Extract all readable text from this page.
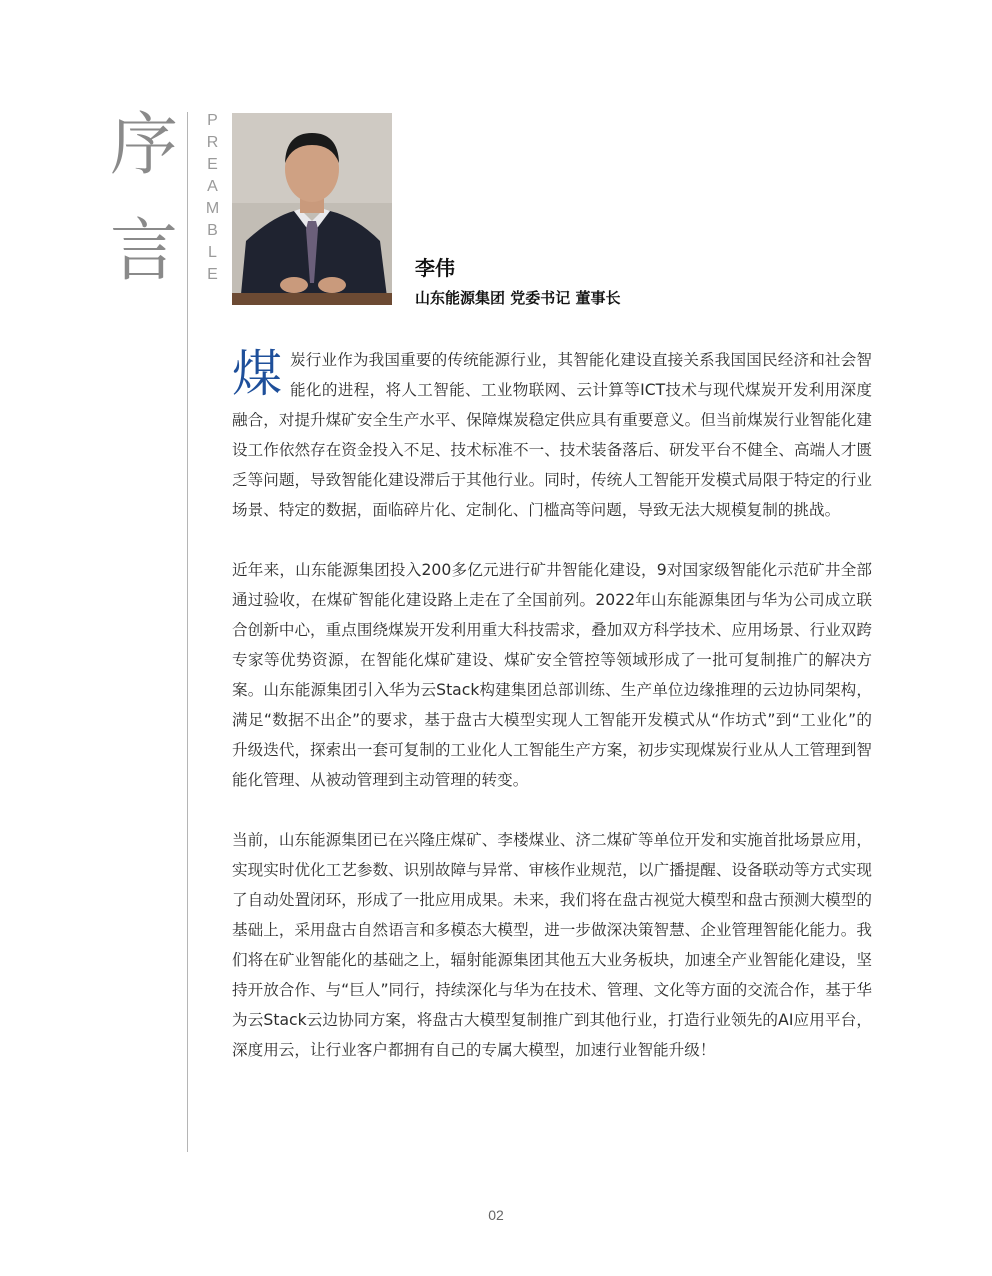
序
言 PREAMBLE	李伟
山东能源集团 党委书记 董事长

煤炭行业作为我国重要的传统能源行业，其智能化建设直接关系我国国民经济和社会智能化的进程，将人工智能、工业物联网、云计算等ICT技术与现代煤炭开发利用深度融合，对提升煤矿安全生产水平、保障煤炭稳定供应具有重要意义。但当前煤炭行业智能化建设工作依然存在资金投入不足、技术标准不一、技术装备落后、研发平台不健全、高端人才匮乏等问题，导致智能化建设滞后于其他行业。同时，传统人工智能开发模式局限于特定的行业场景、特定的数据，面临碎片化、定制化、门槛高等问题，导致无法大规模复制的挑战。

近年来，山东能源集团投入200多亿元进行矿井智能化建设，9对国家级智能化示范矿井全部通过验收，在煤矿智能化建设路上走在了全国前列。2022年山东能源集团与华为公司成立联合创新中心，重点围绕煤炭开发利用重大科技需求，叠加双方科学技术、应用场景、行业双跨专家等优势资源，在智能化煤矿建设、煤矿安全管控等领域形成了一批可复制推广的解决方案。山东能源集团引入华为云Stack构建集团总部训练、生产单位边缘推理的云边协同架构，满足“数据不出企”的要求，基于盘古大模型实现人工智能开发模式从“作坊式”到“工业化”的升级迭代，探索出一套可复制的工业化人工智能生产方案，初步实现煤炭行业从人工管理到智能化管理、从被动管理到主动管理的转变。

当前，山东能源集团已在兴隆庄煤矿、李楼煤业、济二煤矿等单位开发和实施首批场景应用，实现实时优化工艺参数、识别故障与异常、审核作业规范，以广播提醒、设备联动等方式实现了自动处置闭环，形成了一批应用成果。未来，我们将在盘古视觉大模型和盘古预测大模型的基础上，采用盘古自然语言和多模态大模型，进一步做深决策智慧、企业管理智能化能力。我们将在矿业智能化的基础之上，辐射能源集团其他五大业务板块，加速全产业智能化建设，坚持开放合作、与“巨人”同行，持续深化与华为在技术、管理、文化等方面的交流合作，基于华为云Stack云边协同方案，将盘古大模型复制推广到其他行业，打造行业领先的AI应用平台，深度用云，让行业客户都拥有自己的专属大模型，加速行业智能升级！

02
